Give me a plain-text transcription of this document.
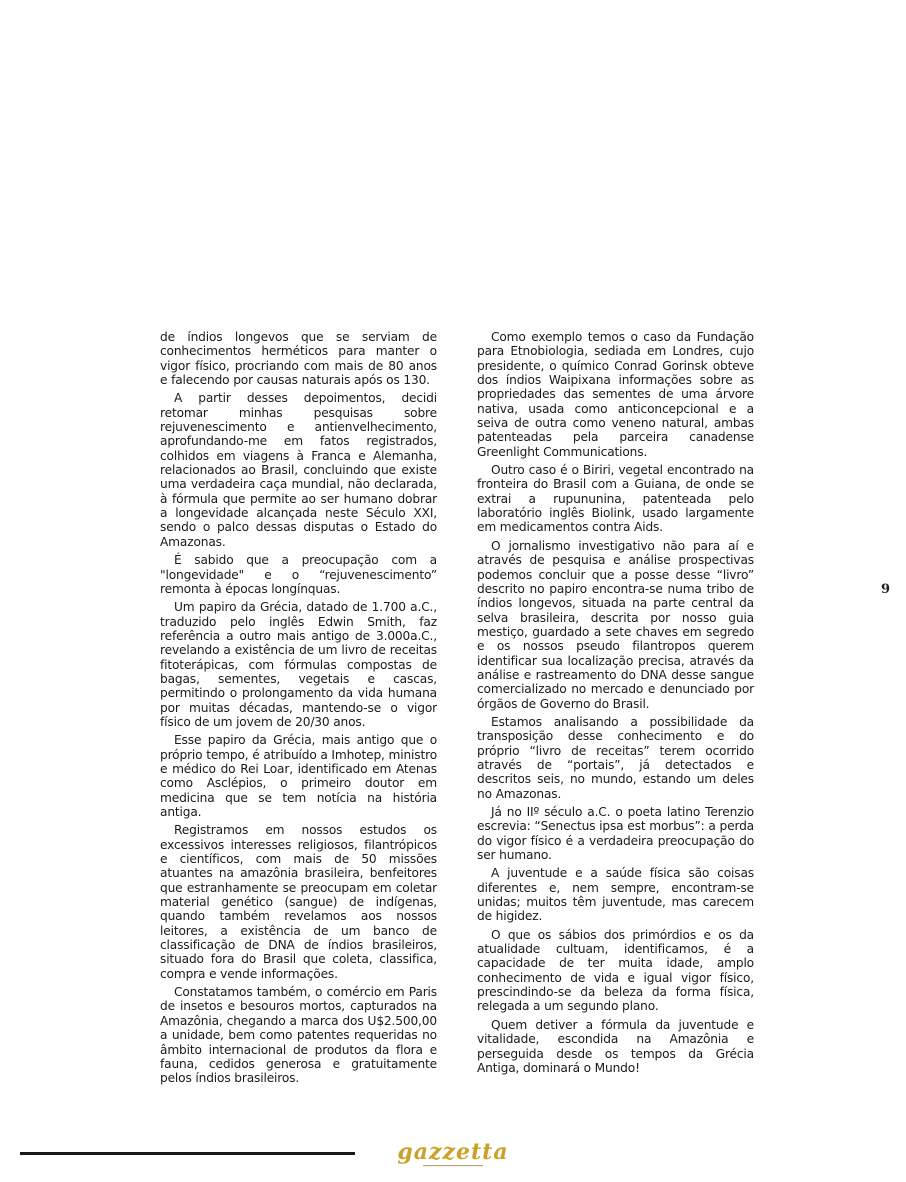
de índios longevos que se serviam de conhecimentos herméticos para manter o vigor físico, procriando com mais de 80 anos e falecendo por causas naturais após os 130.

A partir desses depoimentos, decidi retomar minhas pesquisas sobre rejuvenescimento e antienvelhecimento, aprofundando-me em fatos registrados, colhidos em viagens à Franca e Alemanha, relacionados ao Brasil, concluindo que existe uma verdadeira caça mundial, não declarada, à fórmula que permite ao ser humano dobrar a longevidade alcançada neste Século XXI, sendo o palco dessas disputas o Estado do Amazonas.

É sabido que a preocupação com a "longevidade" e o “rejuvenescimento” remonta à épocas longínquas.

Um papiro da Grécia, datado de 1.700 a.C., traduzido pelo inglês Edwin Smith, faz referência a outro mais antigo de 3.000a.C., revelando a existência de um livro de receitas fitoterápicas, com fórmulas compostas de bagas, sementes, vegetais e cascas, permitindo o prolongamento da vida humana por muitas décadas, mantendo-se o vigor físico de um jovem de 20/30 anos.

Esse papiro da Grécia, mais antigo que o próprio tempo, é atribuído a Imhotep, ministro e médico do Rei Loar, identificado em Atenas como Asclépios, o primeiro doutor em medicina que se tem notícia na história antiga.

Registramos em nossos estudos os excessivos interesses religiosos, filantrópicos e científicos, com mais de 50 missões atuantes na amazônia brasileira, benfeitores que estranhamente se preocupam em coletar material genético (sangue) de indígenas, quando também revelamos aos nossos leitores, a existência de um banco de classificação de DNA de índios brasileiros, situado fora do Brasil que coleta, classifica, compra e vende informações.

Constatamos também, o comércio em Paris de insetos e besouros mortos, capturados na Amazônia, chegando a marca dos U$2.500,00 a unidade, bem como patentes requeridas no âmbito internacional de produtos da flora e fauna, cedidos generosa e gratuitamente pelos índios brasileiros.

Como exemplo temos o caso da Fundação para Etnobiologia, sediada em Londres, cujo presidente, o químico Conrad Gorinsk obteve dos índios Waipixana informações sobre as propriedades das sementes de uma árvore nativa, usada como anticoncepcional e a seiva de outra como veneno natural, ambas patenteadas pela parceira canadense Greenlight Communications.

Outro caso é o Biriri, vegetal encontrado na fronteira do Brasil com a Guiana, de onde se extrai a rupununina, patenteada pelo laboratório inglês Biolink, usado largamente em medicamentos contra Aids.

O jornalismo investigativo não para aí e através de pesquisa e análise prospectivas podemos concluir que a posse desse “livro” descrito no papiro encontra-se numa tribo de índios longevos, situada na parte central da selva brasileira, descrita por nosso guia mestiço, guardado a sete chaves em segredo e os nossos pseudo filantropos querem identificar sua localização precisa, através da análise e rastreamento do DNA desse sangue comercializado no mercado e denunciado por órgãos de Governo do Brasil.

Estamos analisando a possibilidade da transposição desse conhecimento e do próprio “livro de receitas” terem ocorrido através de “portais”, já detectados e descritos seis, no mundo, estando um deles no Amazonas.

Já no IIº século a.C. o poeta latino Terenzio escrevia: “Senectus ipsa est morbus”: a perda do vigor físico é a verdadeira preocupação do ser humano.

A juventude e a saúde física são coisas diferentes e, nem sempre, encontram-se unidas; muitos têm juventude, mas carecem de higidez.

O que os sábios dos primórdios e os da atualidade cultuam, identificamos, é a capacidade de ter muita idade, amplo conhecimento de vida e igual vigor físico, prescindindo-se da beleza da forma física, relegada a um segundo plano.

Quem detiver a fórmula da juventude e vitalidade, escondida na Amazônia e perseguida desde os tempos da Grécia Antiga, dominará o Mundo!

9
gazzetta
